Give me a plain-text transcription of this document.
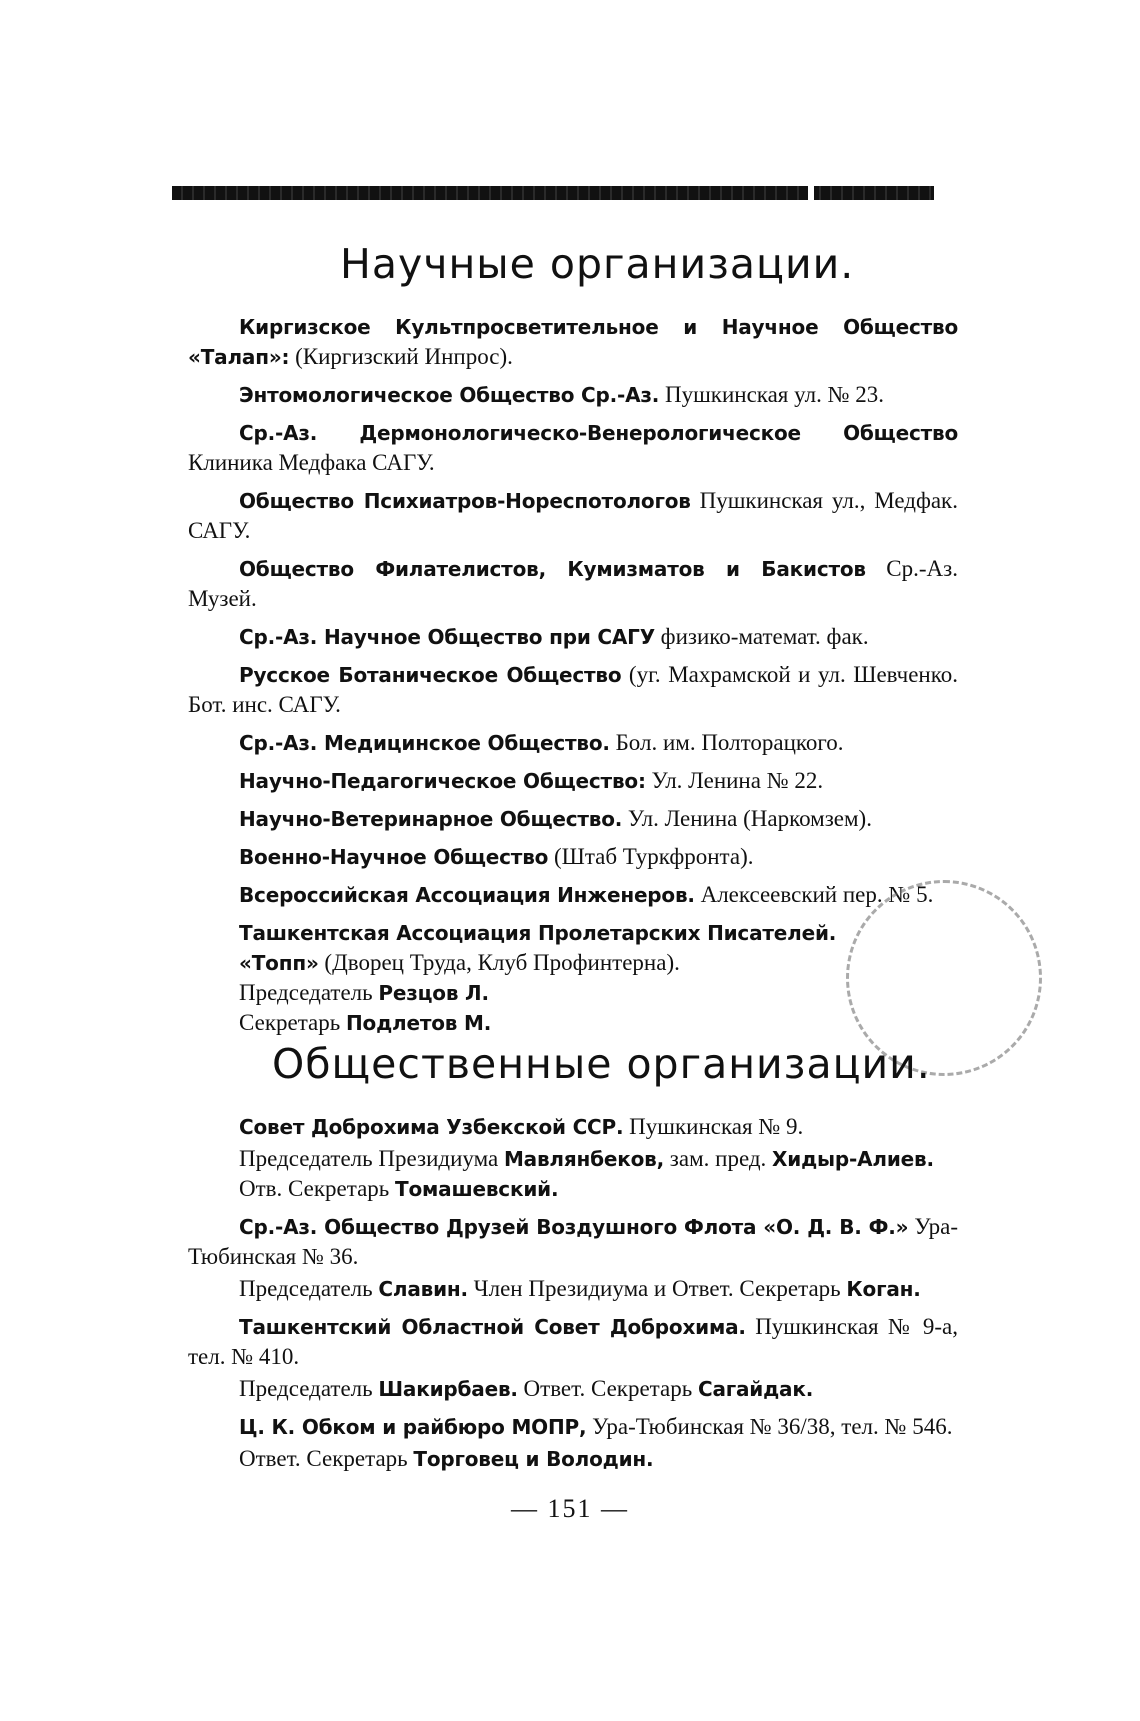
Научные организации.

Киргизское Культпросветительное и Научное Общество «Талап»: (Киргизский Инпрос).

Энтомологическое Общество Ср.-Аз. Пушкинская ул. № 23.

Ср.-Аз. Дермонологическо-Венерологическое Общество Клиника Медфака САГУ.

Общество Психиатров-Нореспотологов Пушкинская ул., Медфак. САГУ.

Общество Филателистов, Кумизматов и Бакистов Ср.-Аз. Музей.

Ср.-Аз. Научное Общество при САГУ физико-математ. фак.

Русское Ботаническое Общество (уг. Махрамской и ул. Шевченко. Бот. инс. САГУ.

Ср.-Аз. Медицинское Общество. Бол. им. Полторацкого.

Научно-Педагогическое Общество: Ул. Ленина № 22.

Научно-Ветеринарное Общество. Ул. Ленина (Наркомзем).

Военно-Научное Общество (Штаб Туркфронта).

Всероссийская Ассоциация Инженеров. Алексеевский пер. № 5.

Ташкентская Ассоциация Пролетарских Писателей.

«Топп» (Дворец Труда, Клуб Профинтерна).

Председатель Резцов Л.

Секретарь Подлетов М.

Общественные организации.

Совет Доброхима Узбекской ССР. Пушкинская № 9.

Председатель Президиума Мавлянбеков, зам. пред. Хидыр-Алиев.

Отв. Секретарь Томашевский.

Ср.-Аз. Общество Друзей Воздушного Флота «О. Д. В. Ф.» Ура-Тюбинская № 36.

Председатель Славин. Член Президиума и Ответ. Секретарь Коган.

Ташкентский Областной Совет Доброхима. Пушкинская № 9-а, тел. № 410.

Председатель Шакирбаев. Ответ. Секретарь Сагайдак.

Ц. К. Обком и райбюро МОПР, Ура-Тюбинская № 36/38, тел. № 546.

Ответ. Секретарь Торговец и Володин.

— 151 —
